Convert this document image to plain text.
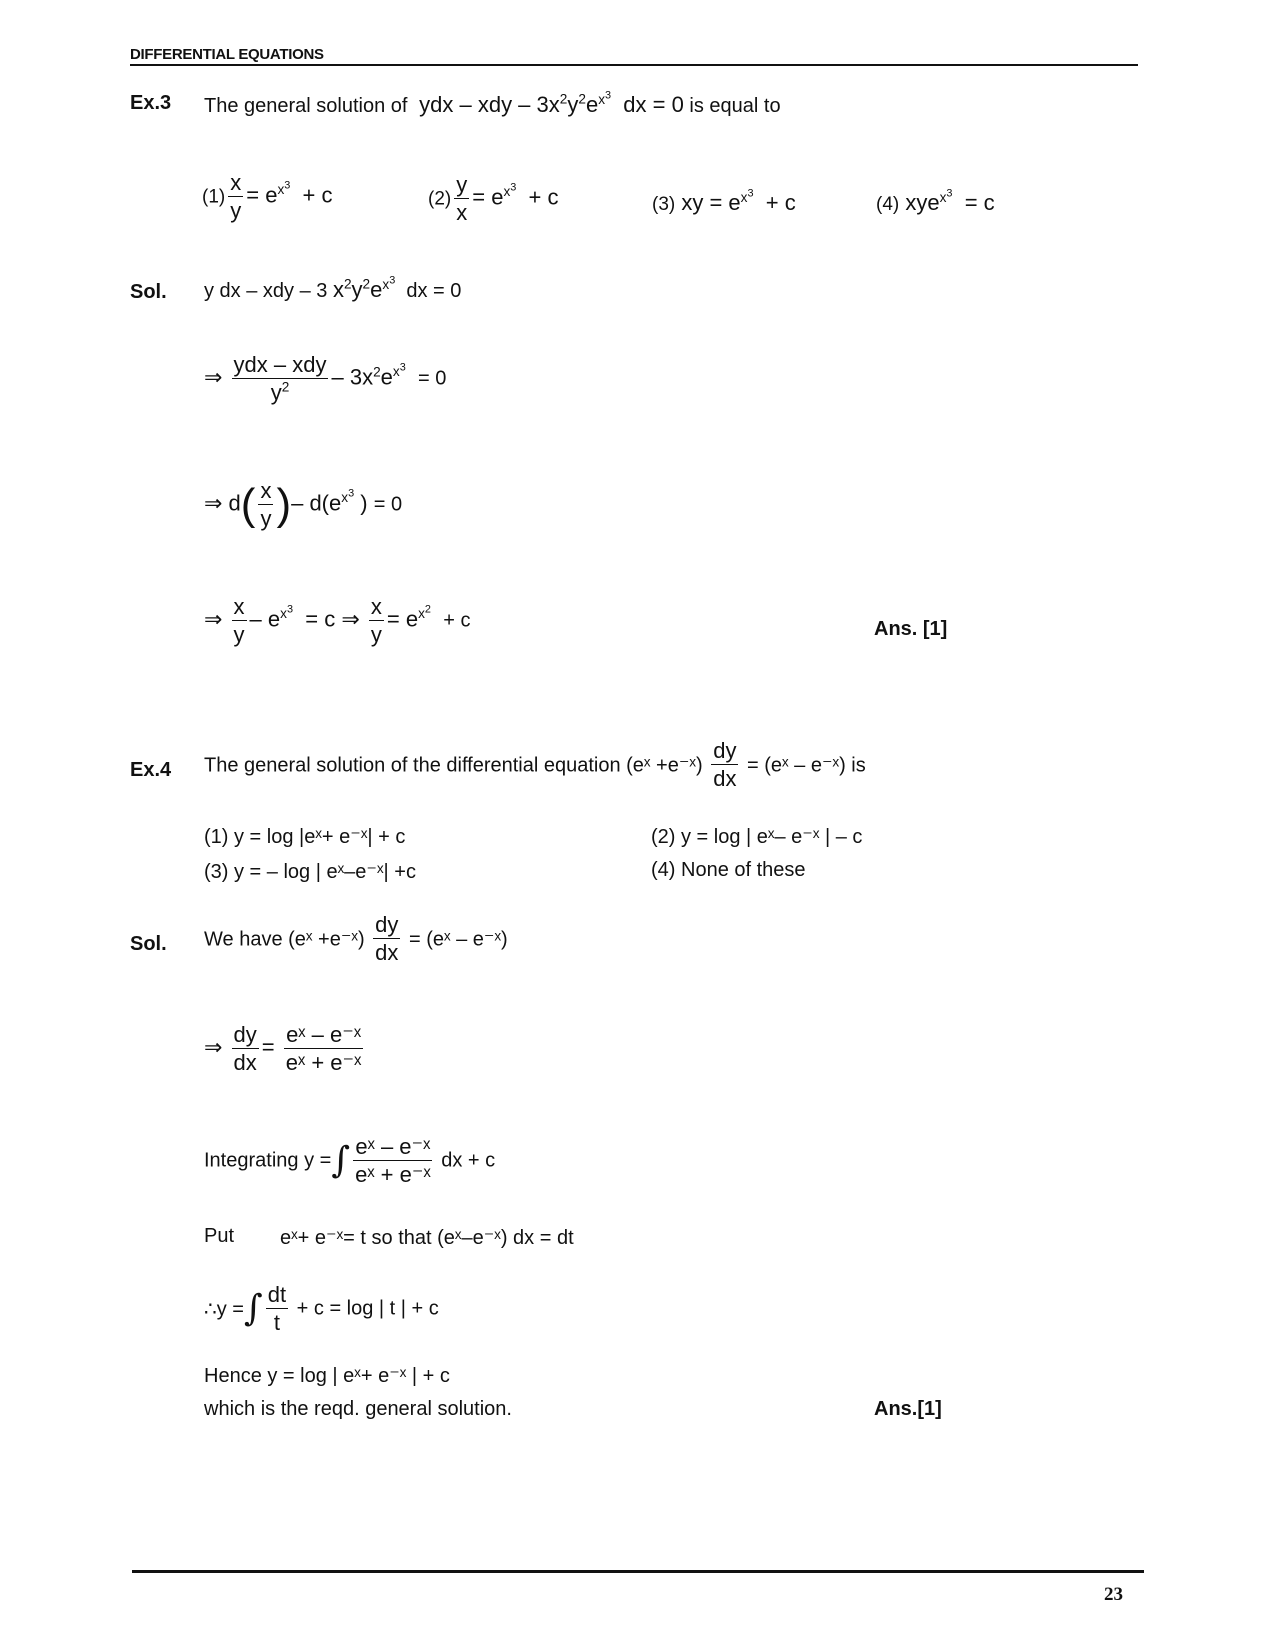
DIFFERENTIAL EQUATIONS
Ex.3 The general solution of  ydx – xdy – $3x^2y^2e^{x^3}$  dx = 0 is equal to
$(1) \frac{x}{y} = e^{x^3} + c$	$(2) \frac{y}{x} = e^{x^3} + c$	(3) xy = $e^{x^3} + c$	(4) xye$^{x^3}$  = c
Sol. y dx – xdy – 3 $x^2y^2e^{x^3}$  dx = 0
⇒ $\frac{\text{ydx – xdy}}{y^2} - 3x^2e^{x^3} = 0$
⇒ $d( \frac{x}{y}$ )– $d(e^{x^3}$ ) = 0
⇒ $\frac{x}{y} - e^{x^3} = c$ ⇒ $\frac{x}{y} = e^{x^2} + c$	Ans. [1]
Ex.4 The general solution of the differential equation (eˣ +e⁻ˣ) $\frac{dy}{dx}$ = (eˣ – e⁻ˣ) is
(1) y = log |eˣ+ e⁻ˣ| + c	(2) y = log | eˣ– e⁻ˣ | – c
(3) y = – log | eˣ–e⁻ˣ| +c	(4) None of these
Sol. We have (eˣ +e⁻ˣ) $\frac{dy}{dx}$ = (eˣ – e⁻ˣ)
⇒ $\frac{dy}{dx} = \frac{\text{eˣ – e⁻ˣ}}{\text{eˣ + e⁻ˣ}}$
Integrating y =∫ $\frac{\text{eˣ – e⁻ˣ}}{\text{eˣ + e⁻ˣ}}$ dx + c
Put eˣ+ e⁻ˣ= t so that (eˣ–e⁻ˣ) dx = dt
∴y =∫ $\frac{dt}{t} + c = \log$ | t | + c
Hence y = log | eˣ+ e⁻ˣ | + c
which is the reqd. general solution.	Ans.[1]
23
